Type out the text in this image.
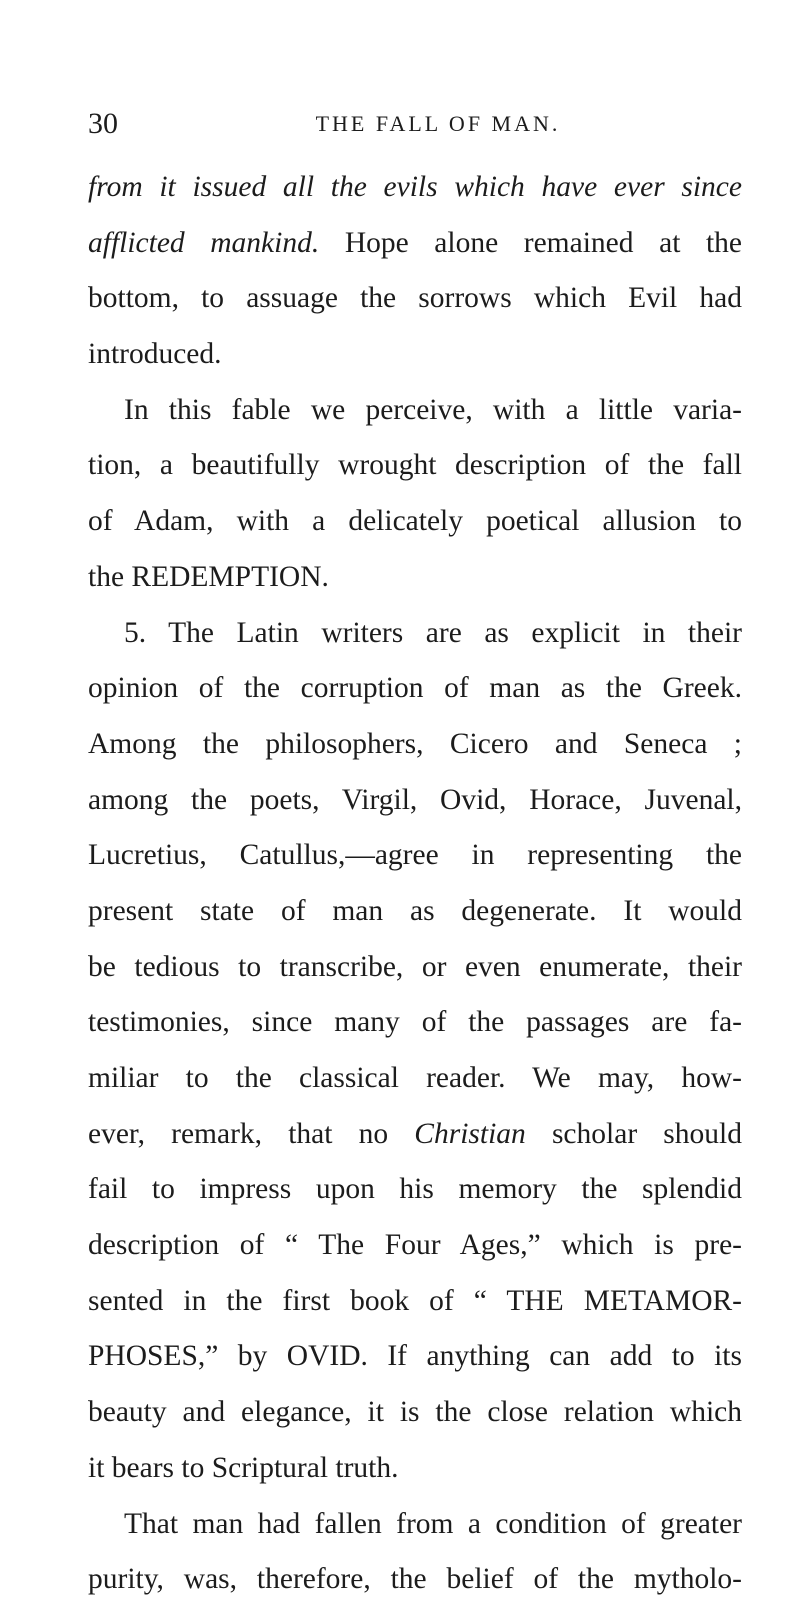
30	THE FALL OF MAN.
from it issued all the evils which have ever since
afflicted mankind. Hope alone remained at the
bottom, to assuage the sorrows which Evil had
introduced.
In this fable we perceive, with a little varia-
tion, a beautifully wrought description of the fall
of Adam, with a delicately poetical allusion to
the REDEMPTION.
5. The Latin writers are as explicit in their
opinion of the corruption of man as the Greek.
Among the philosophers, Cicero and Seneca ;
among the poets, Virgil, Ovid, Horace, Juvenal,
Lucretius, Catullus,—agree in representing the
present state of man as degenerate. It would
be tedious to transcribe, or even enumerate, their
testimonies, since many of the passages are fa-
miliar to the classical reader. We may, how-
ever, remark, that no Christian scholar should
fail to impress upon his memory the splendid
description of “ The Four Ages,” which is pre-
sented in the first book of “ THE METAMOR-
PHOSES,” by OVID. If anything can add to its
beauty and elegance, it is the close relation which
it bears to Scriptural truth.
That man had fallen from a condition of greater
purity, was, therefore, the belief of the mytholo-
